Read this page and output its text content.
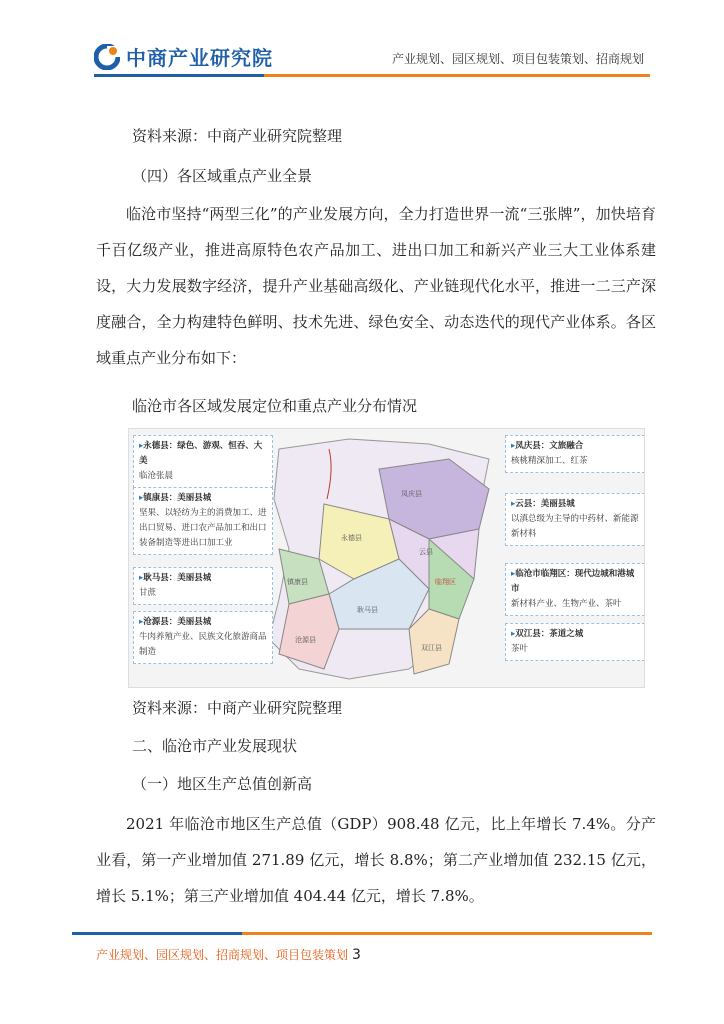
中商产业研究院	产业规划、园区规划、项目包装策划、招商规划
资料来源：中商产业研究院整理
（四）各区域重点产业全景
临沧市坚持“两型三化”的产业发展方向，全力打造世界一流“三张牌”，加快培育千百亿级产业，推进高原特色农产品加工、进出口加工和新兴产业三大工业体系建设，大力发展数字经济，提升产业基础高级化、产业链现代化水平，推进一二三产深度融合，全力构建特色鲜明、技术先进、绿色安全、动态迭代的现代产业体系。各区域重点产业分布如下：
临沧市各区域发展定位和重点产业分布情况
▸ 永德县：绿色、游观、恒吞、大美
临沧张晨
▸ 镇康县：美丽县城
坚果、以轻纺为主的消费加工、进出口贸易、进口农产品加工和出口装备制造等进出口加工业
▸ 耿马县：美丽县城
甘蔗
▸ 沧源县：美丽县城
牛肉养殖产业、民族文化旅游商品制造
▸ 凤庆县：文旅融合
核桃精深加工、红茶
▸ 云县：美丽县城
以滇总级为主导的中药材、新能源新材料
▸ 临沧市临翔区：现代边城和港城市
新材料产业、生物产业、茶叶
▸ 双江县：茶道之城
茶叶
凤庆县
云县
临翔区
永德县
镇康县
耿马县
沧源县
双江县
资料来源：中商产业研究院整理
二、临沧市产业发展现状
（一）地区生产总值创新高
2021 年临沧市地区生产总值（GDP）908.48 亿元，比上年增长 7.4%。分产业看，第一产业增加值 271.89 亿元，增长 8.8%；第二产业增加值 232.15 亿元，增长 5.1%；第三产业增加值 404.44 亿元，增长 7.8%。
产业规划、园区规划、招商规划、项目包装策划 3
